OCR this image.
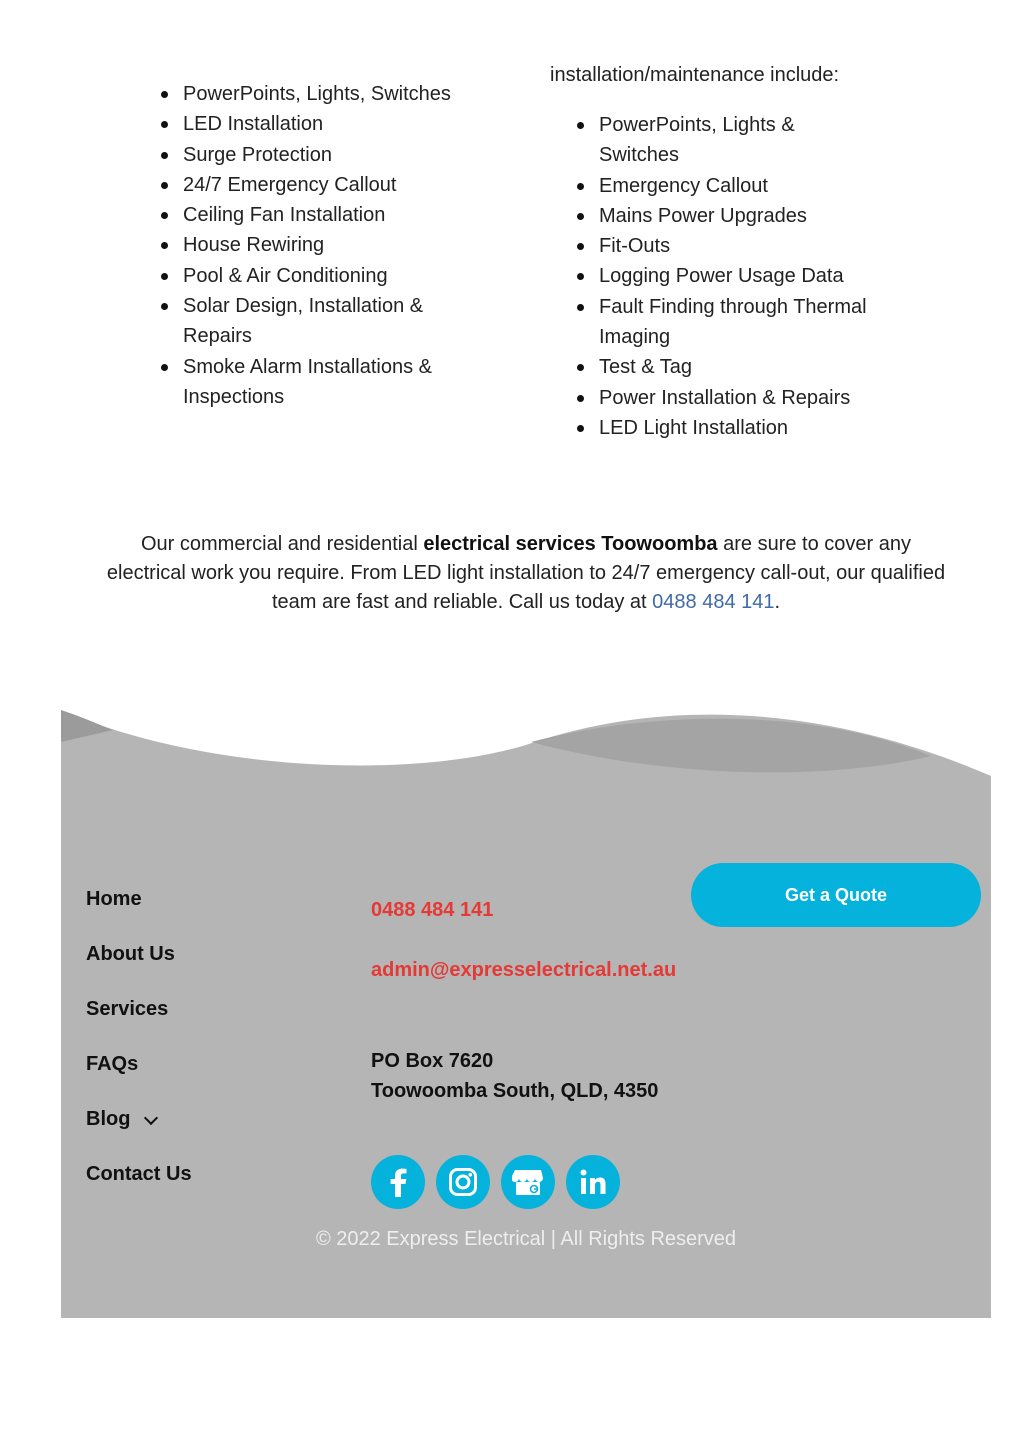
PowerPoints, Lights, Switches
LED Installation
Surge Protection
24/7 Emergency Callout
Ceiling Fan Installation
House Rewiring
Pool & Air Conditioning
Solar Design, Installation & Repairs
Smoke Alarm Installations & Inspections

installation/maintenance include:

PowerPoints, Lights & Switches
Emergency Callout
Mains Power Upgrades
Fit-Outs
Logging Power Usage Data
Fault Finding through Thermal Imaging
Test & Tag
Power Installation & Repairs
LED Light Installation

Our commercial and residential electrical services Toowoomba are sure to cover any electrical work you require. From LED light installation to 24/7 emergency call-out, our qualified team are fast and reliable. Call us today at 0488 484 141.

Home
About Us
Services
FAQs
Blog
Contact Us
0488 484 141
admin@expresselectrical.net.au
PO Box 7620
Toowoomba South, QLD, 4350
Get a Quote
© 2022 Express Electrical | All Rights Reserved
